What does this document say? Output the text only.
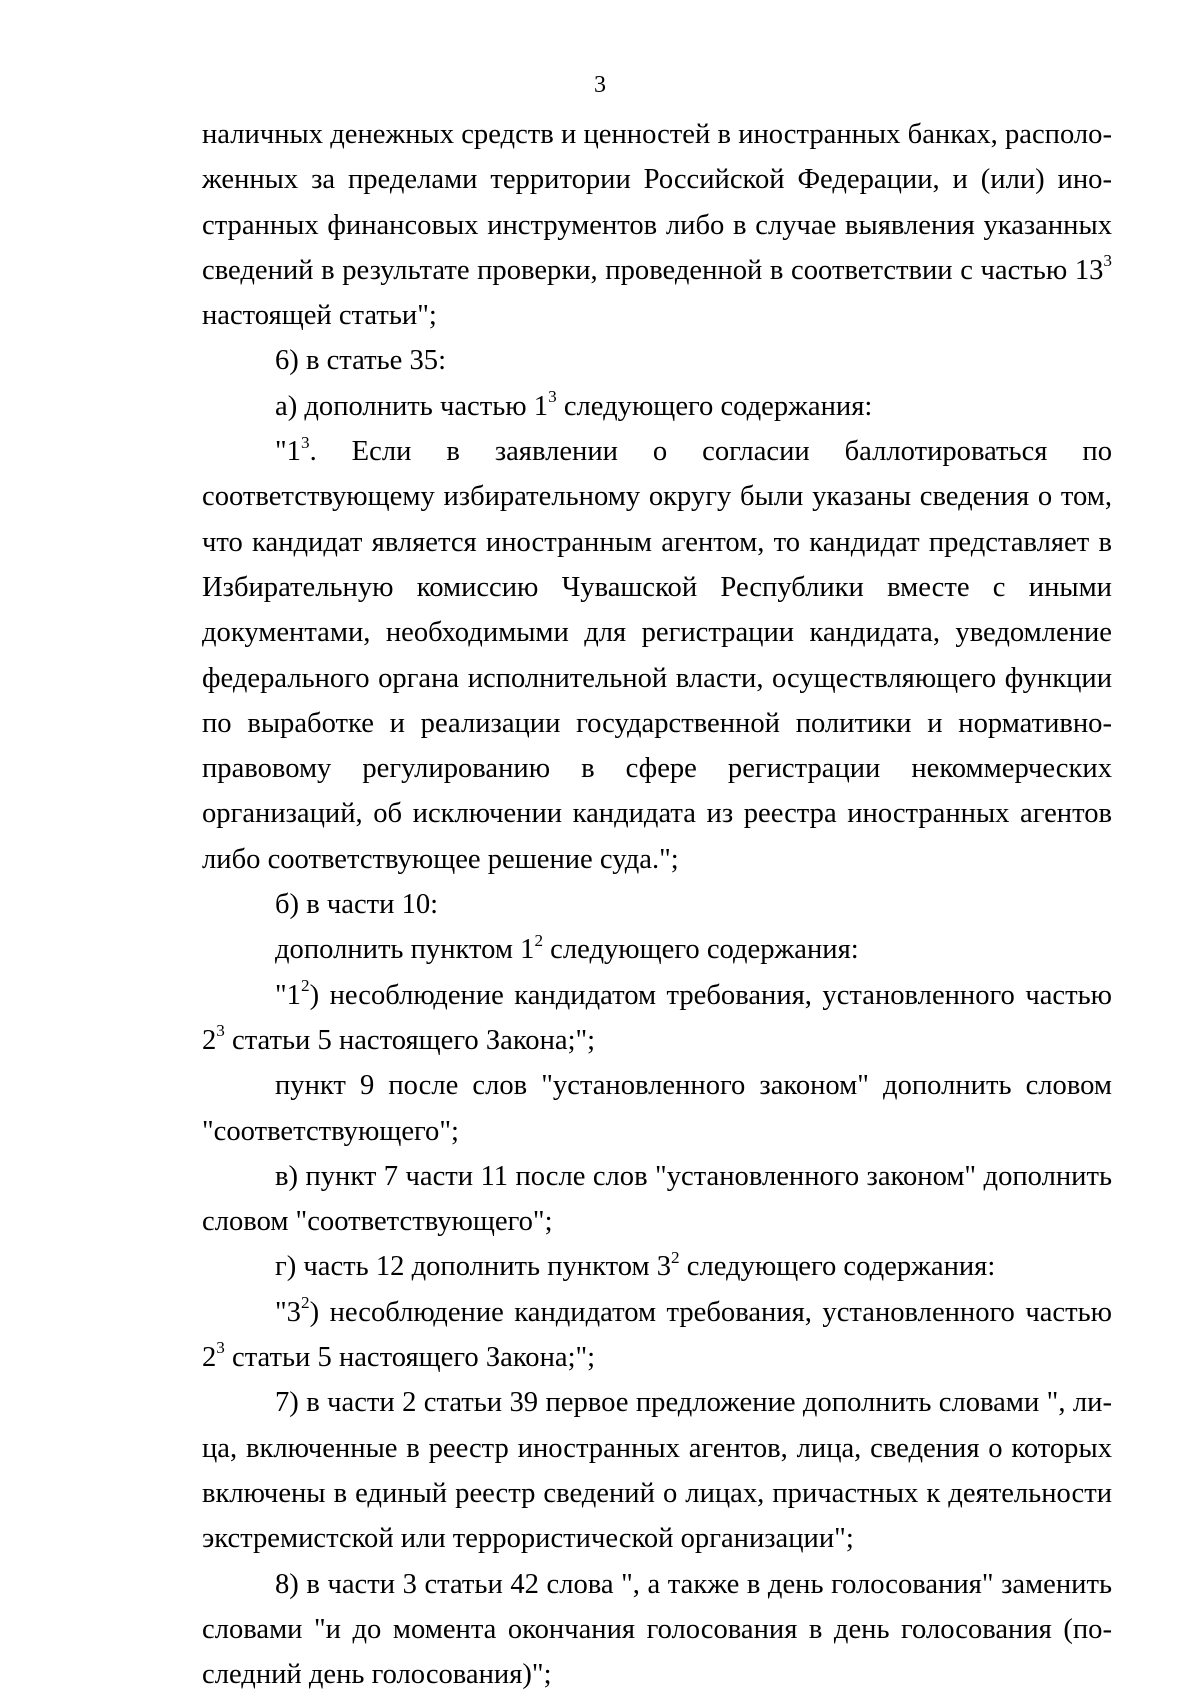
3

наличных денежных средств и ценностей в иностранных банках, расположенных за пределами территории Российской Федерации, и (или) иностранных финансовых инструментов либо в случае выявления указанных сведений в результате проверки, проведенной в соответствии с частью $13^3$ настоящей статьи";

6) в статье 35:

а) дополнить частью $1^3$ следующего содержания:

"$1^3$. Если в заявлении о согласии баллотироваться по соответствующему избирательному округу были указаны сведения о том, что кандидат является иностранным агентом, то кандидат представляет в Избирательную комиссию Чувашской Республики вместе с иными документами, необходимыми для регистрации кандидата, уведомление федерального органа исполнительной власти, осуществляющего функции по выработке и реализации государственной политики и нормативно-правовому регулированию в сфере регистрации некоммерческих организаций, об исключении кандидата из реестра иностранных агентов либо соответствующее решение суда.";

б) в части 10:

дополнить пунктом $1^2$ следующего содержания:

"$1^2$) несоблюдение кандидатом требования, установленного частью $2^3$ статьи 5 настоящего Закона;";

пункт 9 после слов "установленного законом" дополнить словом "соответствующего";

в) пункт 7 части 11 после слов "установленного законом" дополнить словом "соответствующего";

г) часть 12 дополнить пунктом $3^2$ следующего содержания:

"$3^2$) несоблюдение кандидатом требования, установленного частью $2^3$ статьи 5 настоящего Закона;";

7) в части 2 статьи 39 первое предложение дополнить словами ", лица, включенные в реестр иностранных агентов, лица, сведения о которых включены в единый реестр сведений о лицах, причастных к деятельности экстремистской или террористической организации";

8) в части 3 статьи 42 слова ", а также в день голосования" заменить словами "и до момента окончания голосования в день голосования (последний день голосования)";
